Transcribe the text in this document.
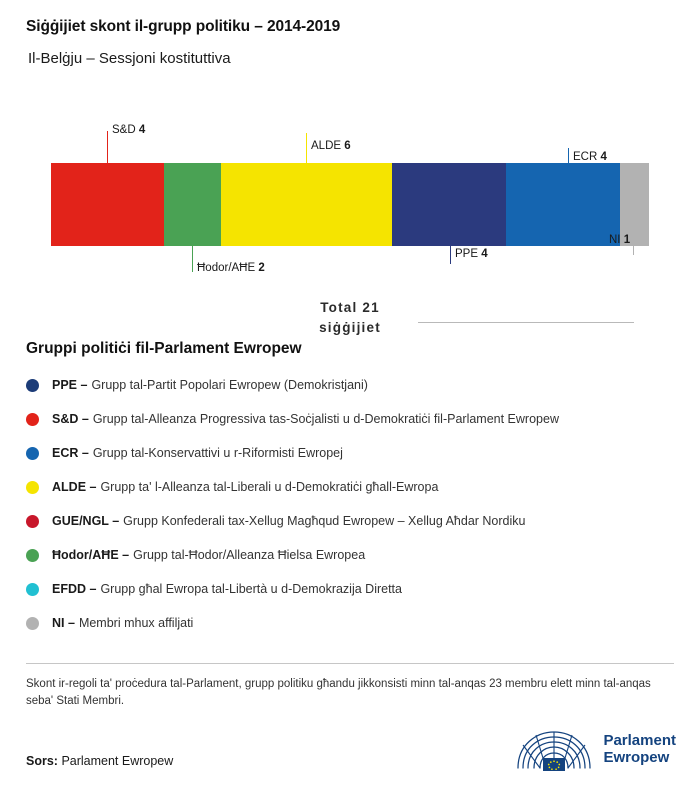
Siġġijiet skont il-grupp politiku – 2014-2019
Il-Belġju – Sessjoni kostituttiva
S&D 4
ALDE 6
ECR 4
Ħodor/AĦE 2
PPE 4
NI 1
Total 21
siġġijiet
Gruppi politiċi fil-Parlament Ewropew
PPE – Grupp tal-Partit Popolari Ewropew (Demokristjani)
S&D – Grupp tal-Alleanza Progressiva tas-Soċjalisti u d-Demokratiċi fil-Parlament Ewropew
ECR – Grupp tal-Konservattivi u r-Riformisti Ewropej
ALDE – Grupp ta' l-Alleanza tal-Liberali u d-Demokratiċi għall-Ewropa
GUE/NGL – Grupp Konfederali tax-Xellug Magħqud Ewropew – Xellug Aħdar Nordiku
Ħodor/AĦE – Grupp tal-Ħodor/Alleanza Ħielsa Ewropea
EFDD – Grupp għal Ewropa tal-Libertà u d-Demokrazija Diretta
NI – Membri mhux affiljati
Skont ir-regoli ta' proċedura tal-Parlament, grupp politiku għandu jikkonsisti minn tal-anqas 23 membru elett minn tal-anqas seba' Stati Membri.
Sors: Parlament Ewropew
Parlament
Ewropew
